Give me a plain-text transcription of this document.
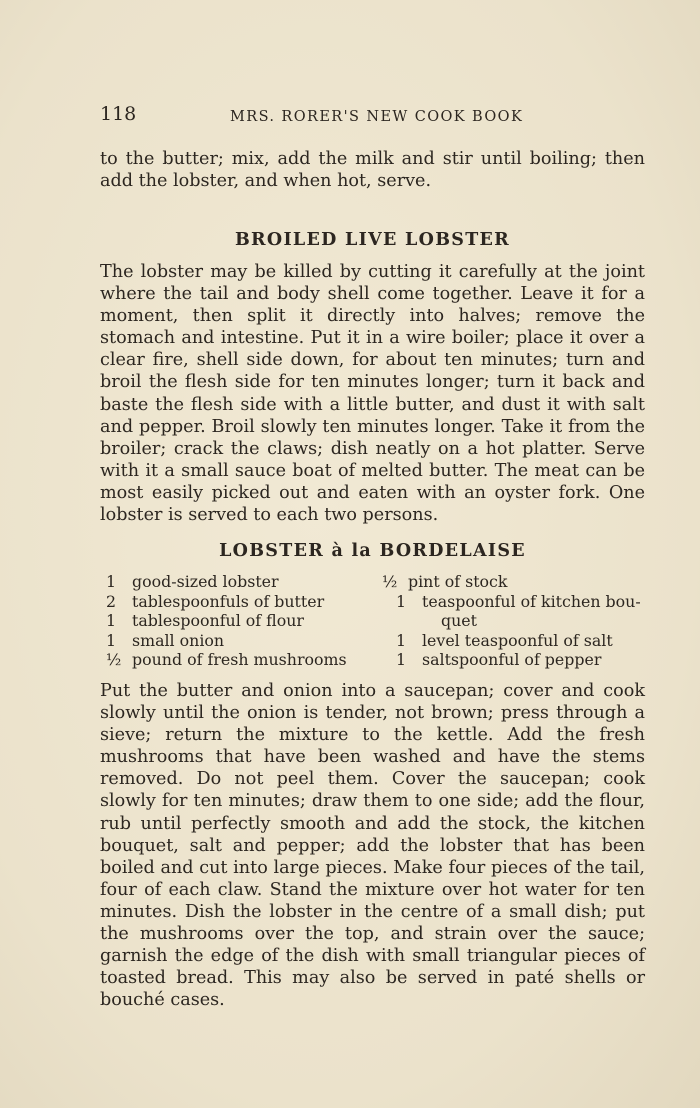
118	MRS. RORER'S NEW COOK BOOK

to the butter; mix, add the milk and stir until boiling; then add the lobster, and when hot, serve.

BROILED LIVE LOBSTER

The lobster may be killed by cutting it carefully at the joint where the tail and body shell come together. Leave it for a moment, then split it directly into halves; remove the stomach and intestine. Put it in a wire boiler; place it over a clear fire, shell side down, for about ten minutes; turn and broil the flesh side for ten minutes longer; turn it back and baste the flesh side with a little butter, and dust it with salt and pepper. Broil slowly ten minutes longer. Take it from the broiler; crack the claws; dish neatly on a hot platter. Serve with it a small sauce boat of melted butter. The meat can be most easily picked out and eaten with an oyster fork. One lobster is served to each two persons.

LOBSTER à la BORDELAISE
1 good-sized lobster
2 tablespoonfuls of butter
1 tablespoonful of flour
1 small onion
½ pound of fresh mushrooms
½ pint of stock
1 teaspoonful of kitchen bou-
quet
1 level teaspoonful of salt
1 saltspoonful of pepper

Put the butter and onion into a saucepan; cover and cook slowly until the onion is tender, not brown; press through a sieve; return the mixture to the kettle. Add the fresh mushrooms that have been washed and have the stems removed. Do not peel them. Cover the saucepan; cook slowly for ten minutes; draw them to one side; add the flour, rub until perfectly smooth and add the stock, the kitchen bouquet, salt and pepper; add the lobster that has been boiled and cut into large pieces. Make four pieces of the tail, four of each claw. Stand the mixture over hot water for ten minutes. Dish the lobster in the centre of a small dish; put the mushrooms over the top, and strain over the sauce; garnish the edge of the dish with small triangular pieces of toasted bread. This may also be served in paté shells or bouché cases.
